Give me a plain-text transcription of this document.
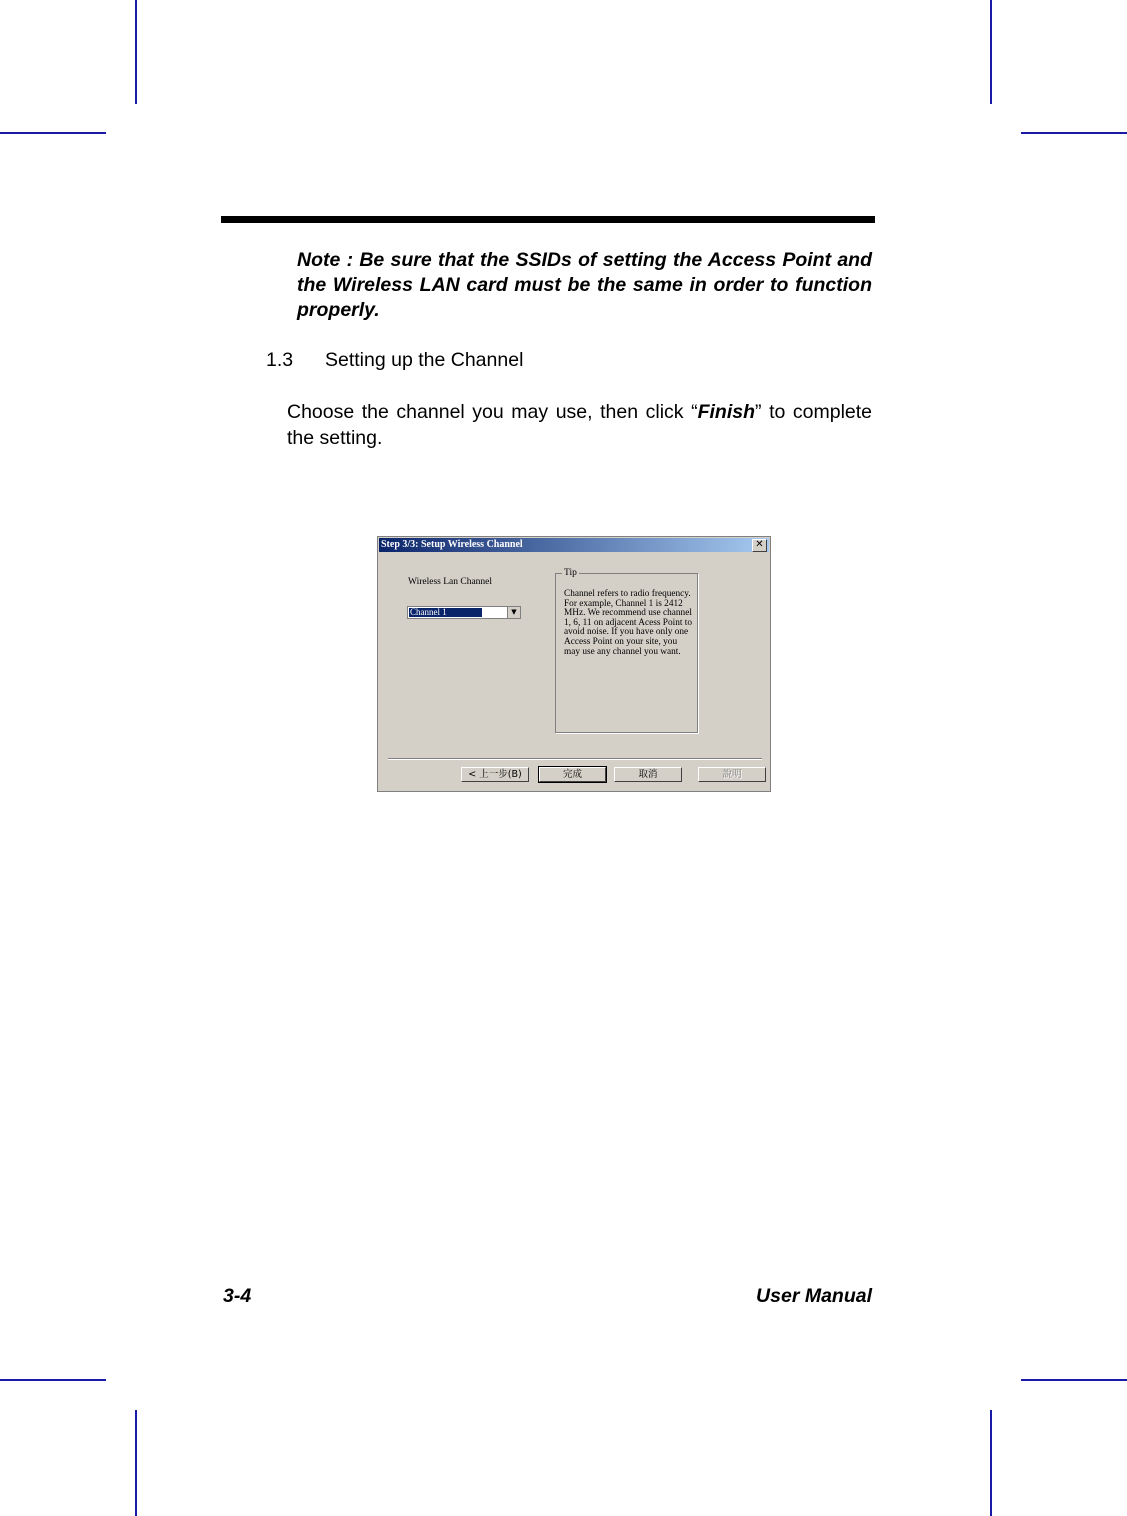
Note : Be sure that the SSIDs of setting the Access Point and the Wireless LAN card must be the same in order to function properly.
1.3 Setting up the Channel
Choose the channel you may use, then click “Finish” to complete the setting.
Step 3/3: Setup Wireless Channel	✕
Wireless Lan Channel
Channel 1	▼
Tip
Channel refers to radio frequency. For example, Channel 1 is 2412 MHz. We recommend use channel 1, 6, 11 on adjacent Acess Point to avoid noise. If you have only one Access Point on your site, you may use any channel you want.
< 上一步(B)	完成	取消	說明
3-4	User Manual
